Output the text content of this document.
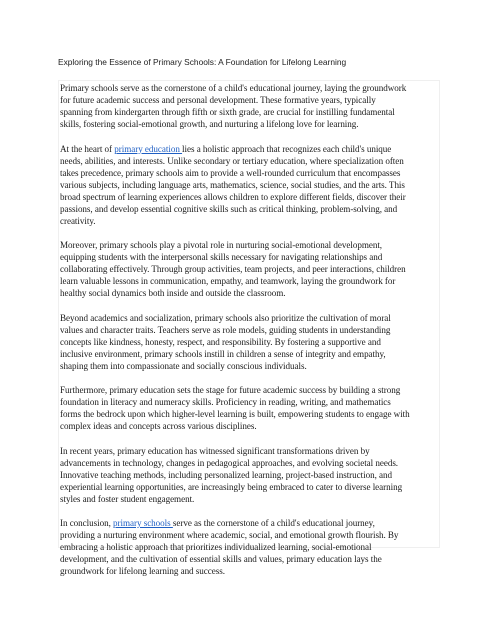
Exploring the Essence of Primary Schools: A Foundation for Lifelong Learning

Primary schools serve as the cornerstone of a child's educational journey, laying the groundwork
for future academic success and personal development. These formative years, typically
spanning from kindergarten through fifth or sixth grade, are crucial for instilling fundamental
skills, fostering social-emotional growth, and nurturing a lifelong love for learning.

At the heart of primary education lies a holistic approach that recognizes each child's unique
needs, abilities, and interests. Unlike secondary or tertiary education, where specialization often
takes precedence, primary schools aim to provide a well-rounded curriculum that encompasses
various subjects, including language arts, mathematics, science, social studies, and the arts. This
broad spectrum of learning experiences allows children to explore different fields, discover their
passions, and develop essential cognitive skills such as critical thinking, problem-solving, and
creativity.

Moreover, primary schools play a pivotal role in nurturing social-emotional development,
equipping students with the interpersonal skills necessary for navigating relationships and
collaborating effectively. Through group activities, team projects, and peer interactions, children
learn valuable lessons in communication, empathy, and teamwork, laying the groundwork for
healthy social dynamics both inside and outside the classroom.

Beyond academics and socialization, primary schools also prioritize the cultivation of moral
values and character traits. Teachers serve as role models, guiding students in understanding
concepts like kindness, honesty, respect, and responsibility. By fostering a supportive and
inclusive environment, primary schools instill in children a sense of integrity and empathy,
shaping them into compassionate and socially conscious individuals.

Furthermore, primary education sets the stage for future academic success by building a strong
foundation in literacy and numeracy skills. Proficiency in reading, writing, and mathematics
forms the bedrock upon which higher-level learning is built, empowering students to engage with
complex ideas and concepts across various disciplines.

In recent years, primary education has witnessed significant transformations driven by
advancements in technology, changes in pedagogical approaches, and evolving societal needs.
Innovative teaching methods, including personalized learning, project-based instruction, and
experiential learning opportunities, are increasingly being embraced to cater to diverse learning
styles and foster student engagement.

In conclusion, primary schools serve as the cornerstone of a child's educational journey,
providing a nurturing environment where academic, social, and emotional growth flourish. By
embracing a holistic approach that prioritizes individualized learning, social-emotional
development, and the cultivation of essential skills and values, primary education lays the
groundwork for lifelong learning and success.
